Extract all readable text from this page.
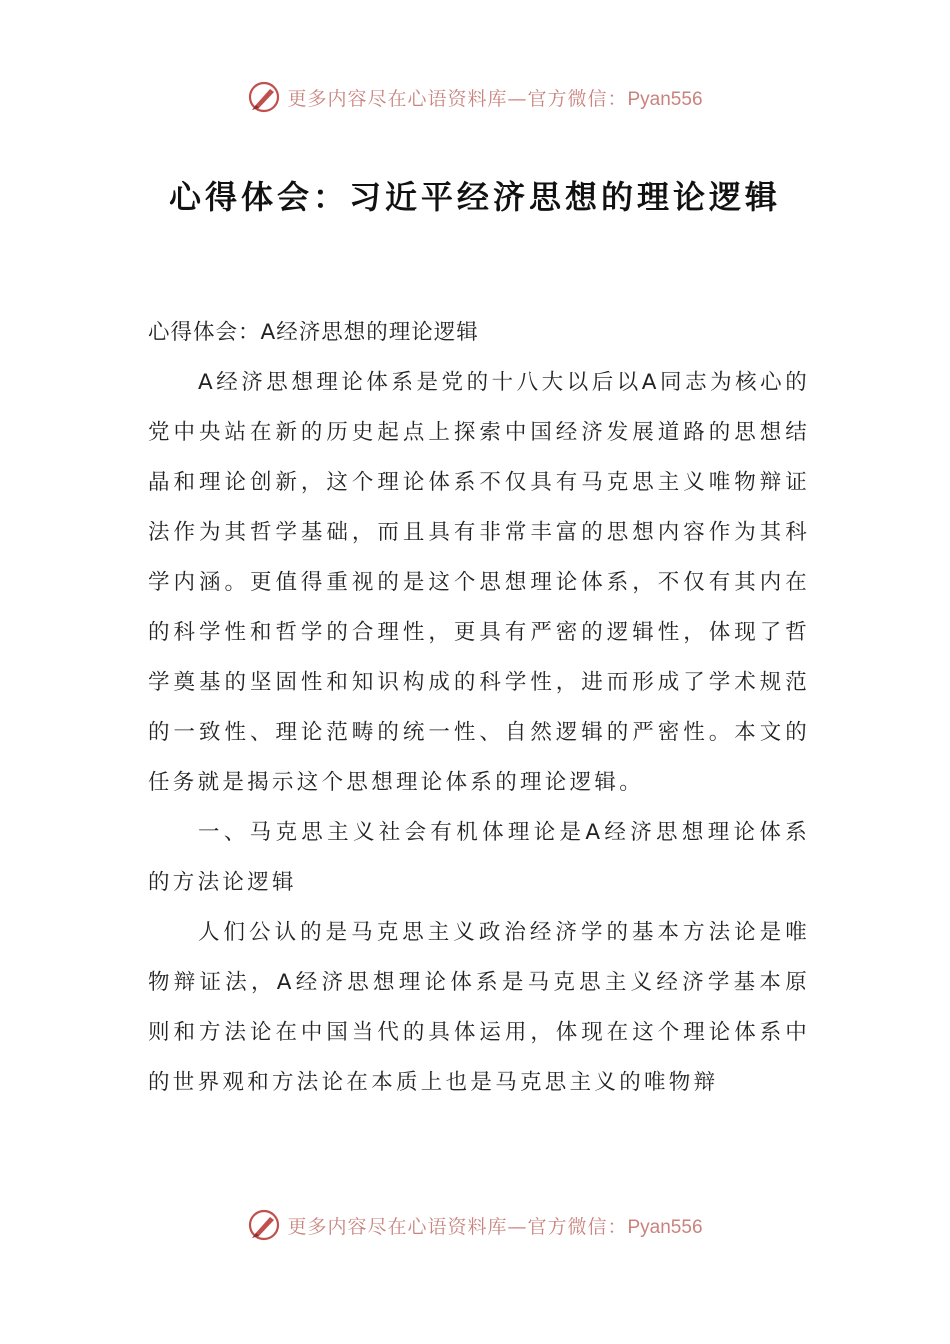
更多内容尽在心语资料库—官方微信：Pyan556
心得体会：习近平经济思想的理论逻辑

心得体会：A经济思想的理论逻辑

A经济思想理论体系是党的十八大以后以A同志为核心的党中央站在新的历史起点上探索中国经济发展道路的思想结晶和理论创新，这个理论体系不仅具有马克思主义唯物辩证法作为其哲学基础，而且具有非常丰富的思想内容作为其科学内涵。更值得重视的是这个思想理论体系，不仅有其内在的科学性和哲学的合理性，更具有严密的逻辑性，体现了哲学奠基的坚固性和知识构成的科学性，进而形成了学术规范的一致性、理论范畴的统一性、自然逻辑的严密性。本文的任务就是揭示这个思想理论体系的理论逻辑。

一、马克思主义社会有机体理论是A经济思想理论体系的方法论逻辑

人们公认的是马克思主义政治经济学的基本方法论是唯物辩证法，A经济思想理论体系是马克思主义经济学基本原则和方法论在中国当代的具体运用，体现在这个理论体系中的世界观和方法论在本质上也是马克思主义的唯物辩

更多内容尽在心语资料库—官方微信：Pyan556
